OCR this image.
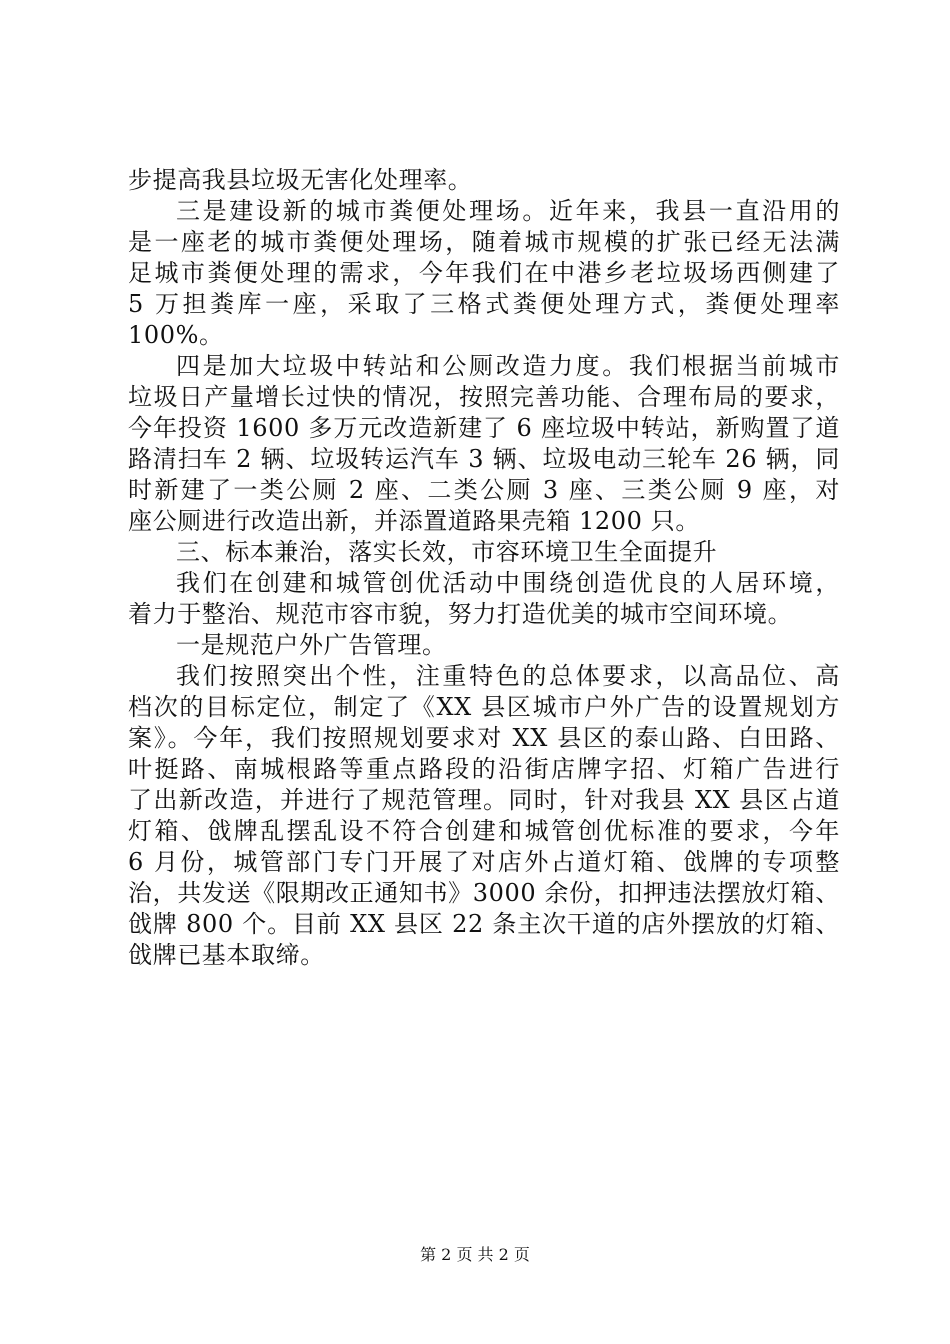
步提高我县垃圾无害化处理率。
三是建设新的城市粪便处理场。近年来，我县一直沿用的
是一座老的城市粪便处理场，随着城市规模的扩张已经无法满
足城市粪便处理的需求，今年我们在中港乡老垃圾场西侧建了
5 万担粪库一座，采取了三格式粪便处理方式，粪便处理率
100%。
四是加大垃圾中转站和公厕改造力度。我们根据当前城市
垃圾日产量增长过快的情况，按照完善功能、合理布局的要求，
今年投资 1600 多万元改造新建了 6 座垃圾中转站，新购置了道
路清扫车 2 辆、垃圾转运汽车 3 辆、垃圾电动三轮车 26 辆，同
时新建了一类公厕 2 座、二类公厕 3 座、三类公厕 9 座，对
座公厕进行改造出新，并添置道路果壳箱 1200 只。
三、标本兼治，落实长效，市容环境卫生全面提升
我们在创建和城管创优活动中围绕创造优良的人居环境，
着力于整治、规范市容市貌，努力打造优美的城市空间环境。
一是规范户外广告管理。
我们按照突出个性，注重特色的总体要求，以高品位、高
档次的目标定位，制定了《XX 县区城市户外广告的设置规划方
案》。今年，我们按照规划要求对 XX 县区的泰山路、白田路、
叶挺路、南城根路等重点路段的沿街店牌字招、灯箱广告进行
了出新改造，并进行了规范管理。同时，针对我县 XX 县区占道
灯箱、戗牌乱摆乱设不符合创建和城管创优标准的要求，今年
6 月份，城管部门专门开展了对店外占道灯箱、戗牌的专项整
治，共发送《限期改正通知书》3000 余份，扣押违法摆放灯箱、
戗牌 800 个。目前 XX 县区 22 条主次干道的店外摆放的灯箱、
戗牌已基本取缔。
第 2 页 共 2 页
